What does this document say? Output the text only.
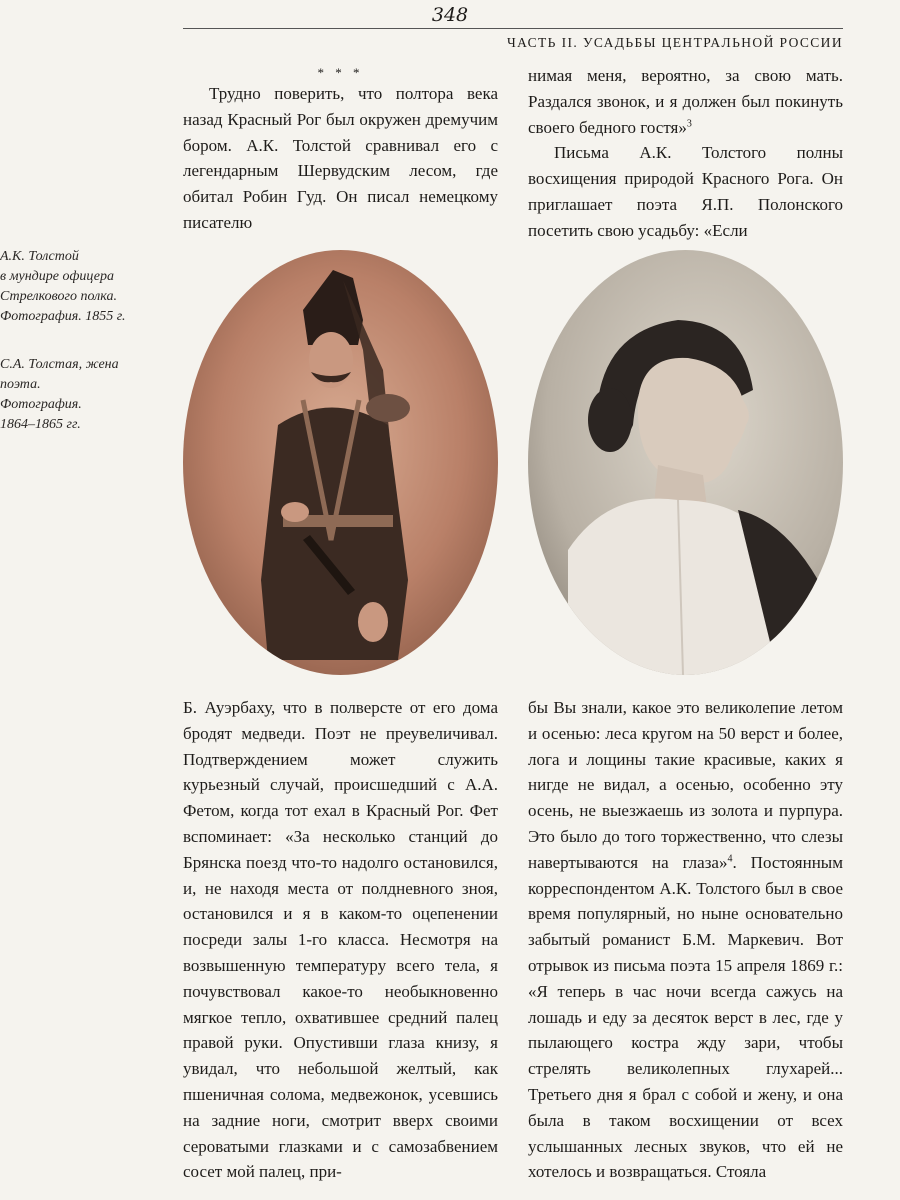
348
ЧАСТЬ II. УСАДЬБЫ ЦЕНТРАЛЬНОЙ РОССИИ
* * *

Трудно поверить, что полтора века назад Красный Рог был окружен дремучим бором. А.К. Толстой сравнивал его с легендарным Шервудским лесом, где обитал Робин Гуд. Он писал немецкому писателю

нимая меня, вероятно, за свою мать. Раздался звонок, и я должен был покинуть своего бедного гостя»$^3$

Письма А.К. Толстого полны восхищения природой Красного Рога. Он приглашает поэта Я.П. Полонского посетить свою усадьбу: «Если

А.К. Толстой
в мундире офицера
Стрелкового полка.
Фотография. 1855 г.
С.А. Толстая, жена
поэта.
Фотография.
1864–1865 гг.

Б. Ауэрбаху, что в полверсте от его дома бродят медведи. Поэт не преувеличивал. Подтверждением может служить курьезный случай, происшедший с А.А. Фетом, когда тот ехал в Красный Рог. Фет вспоминает: «За несколько станций до Брянска поезд что-то надолго остановился, и, не находя места от полдневного зноя, остановился и я в каком-то оцепенении посреди залы 1-го класса. Несмотря на возвышенную температуру всего тела, я почувствовал какое-то необыкновенно мягкое тепло, охватившее средний палец правой руки. Опустивши глаза книзу, я увидал, что небольшой желтый, как пшеничная солома, медвежонок, усевшись на задние ноги, смотрит вверх своими сероватыми глазками и с самозабвением сосет мой палец, при-

бы Вы знали, какое это великолепие летом и осенью: леса кругом на 50 верст и более, лога и лощины такие красивые, каких я нигде не видал, а осенью, особенно эту осень, не выезжаешь из золота и пурпура. Это было до того торжественно, что слезы навертываются на глаза»$^4$. Постоянным корреспондентом А.К. Толстого был в свое время популярный, но ныне основательно забытый романист Б.М. Маркевич. Вот отрывок из письма поэта 15 апреля 1869 г.: «Я теперь в час ночи всегда сажусь на лошадь и еду за десяток верст в лес, где у пылающего костра жду зари, чтобы стрелять великолепных глухарей... Третьего дня я брал с собой и жену, и она была в таком восхищении от всех услышанных лесных звуков, что ей не хотелось и возвращаться. Стояла
